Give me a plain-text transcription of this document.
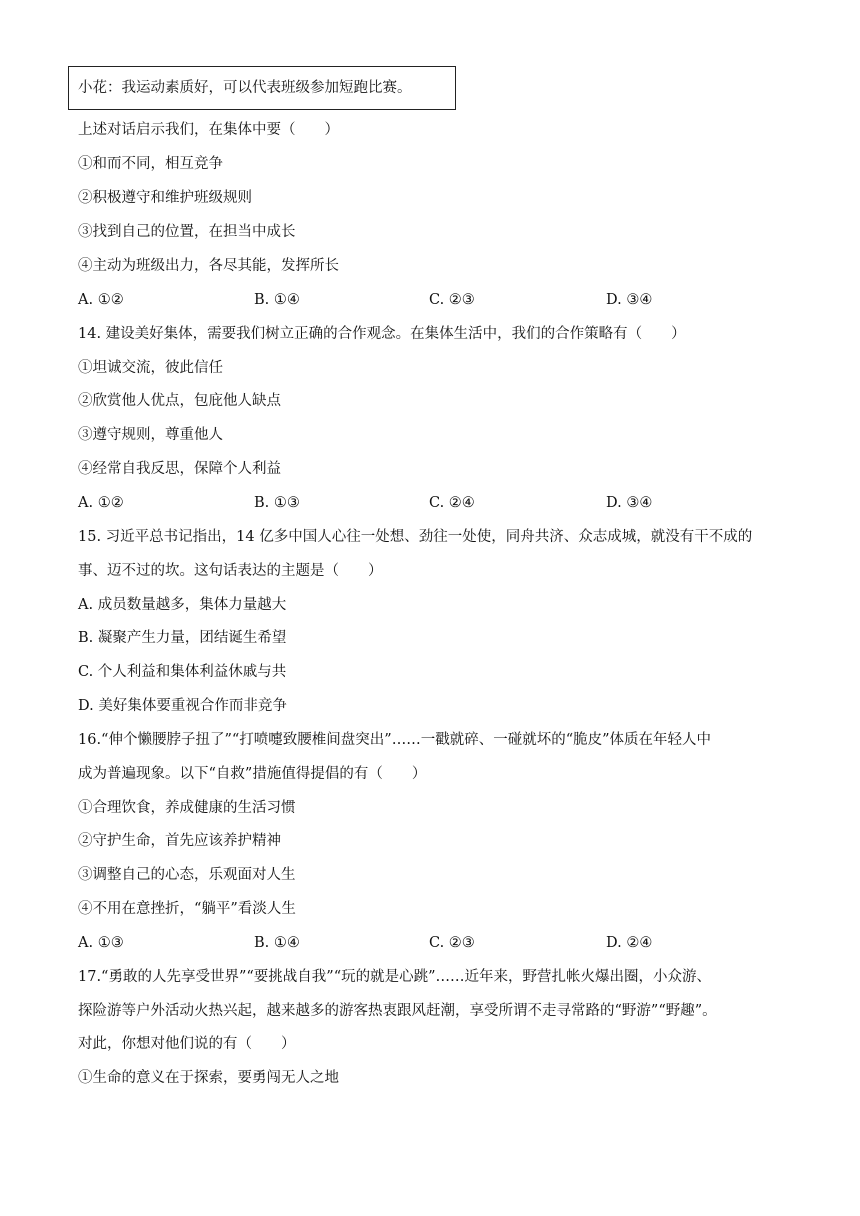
小花：我运动素质好，可以代表班级参加短跑比赛。
上述对话启示我们，在集体中要（　　）
①和而不同，相互竞争
②积极遵守和维护班级规则
③找到自己的位置，在担当中成长
④主动为班级出力，各尽其能，发挥所长
A. ①②	B. ①④	C. ②③	D. ③④
14. 建设美好集体，需要我们树立正确的合作观念。在集体生活中，我们的合作策略有（　　）
①坦诚交流，彼此信任
②欣赏他人优点，包庇他人缺点
③遵守规则，尊重他人
④经常自我反思，保障个人利益
A. ①②	B. ①③	C. ②④	D. ③④
15. 习近平总书记指出，14 亿多中国人心往一处想、劲往一处使，同舟共济、众志成城，就没有干不成的
事、迈不过的坎。这句话表达的主题是（　　）
A. 成员数量越多，集体力量越大
B. 凝聚产生力量，团结诞生希望
C. 个人利益和集体利益休戚与共
D. 美好集体要重视合作而非竞争
16.“伸个懒腰脖子扭了”“打喷嚏致腰椎间盘突出”……一戳就碎、一碰就坏的“脆皮”体质在年轻人中
成为普遍现象。以下“自救”措施值得提倡的有（　　）
①合理饮食，养成健康的生活习惯
②守护生命，首先应该养护精神
③调整自己的心态，乐观面对人生
④不用在意挫折，“躺平”看淡人生
A. ①③	B. ①④	C. ②③	D. ②④
17.“勇敢的人先享受世界”“要挑战自我”“玩的就是心跳”……近年来，野营扎帐火爆出圈，小众游、
探险游等户外活动火热兴起，越来越多的游客热衷跟风赶潮，享受所谓不走寻常路的“野游”“野趣”。
对此，你想对他们说的有（　　）
①生命的意义在于探索，要勇闯无人之地
